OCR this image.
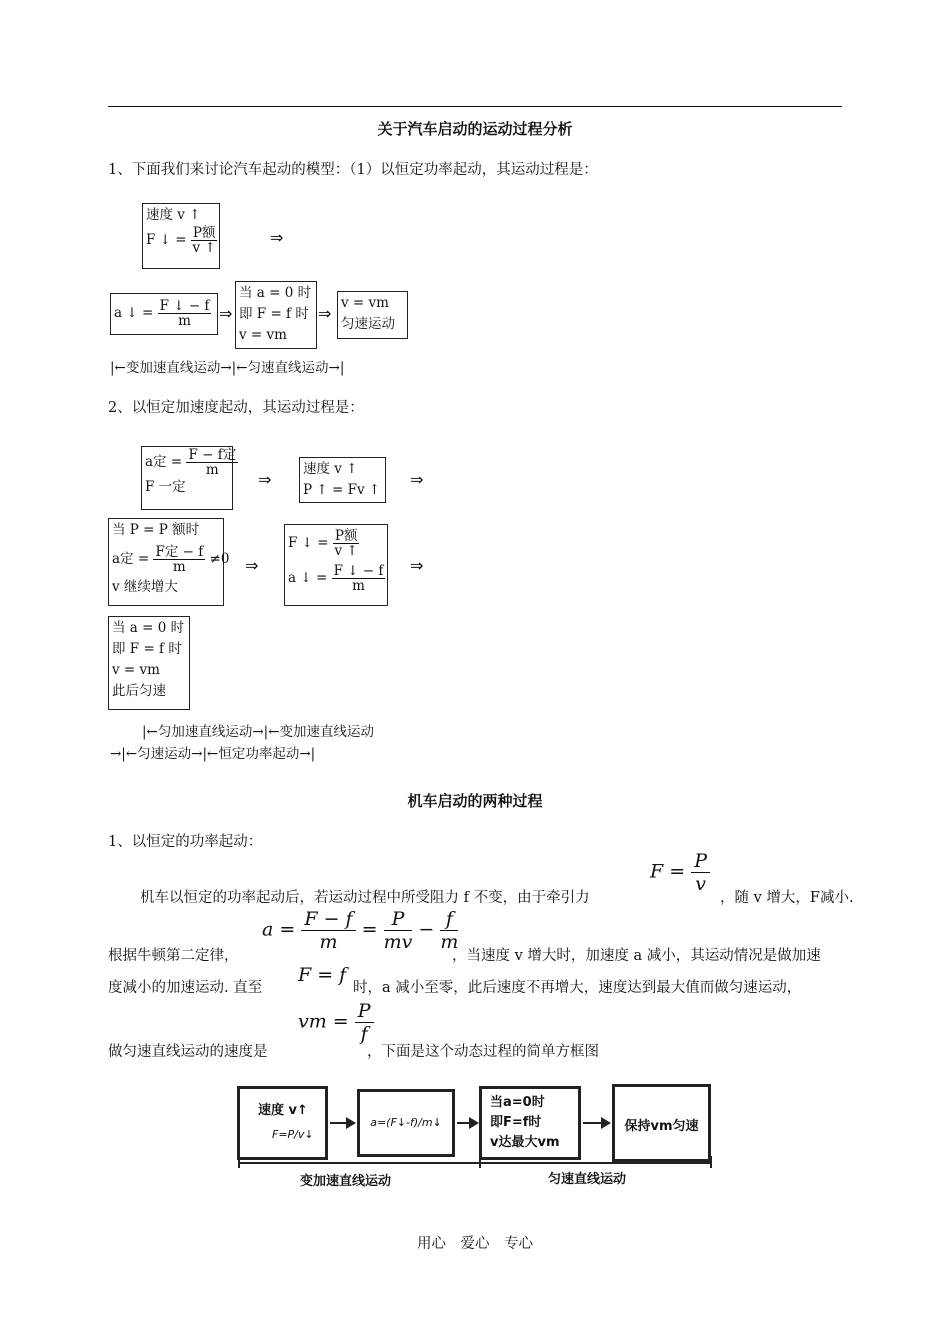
关于汽车启动的运动过程分析
1、下面我们来讨论汽车起动的模型：（1）以恒定功率起动，其运动过程是：
速度 v ↑
F ↓ = $\frac{\text{P额}}{v ↑}$	⇒
a ↓ = $\frac{F ↓ - f}{m}$ ⇒
当 a = 0 时
即 F = f 时
v = vm
⇒
v = vm
匀速运动
|←变加速直线运动→|←匀速直线运动→|
2、以恒定加速度起动，其运动过程是：
a定 = $\frac{\text{F − f定}}{m}$
F 一定	⇒
速度 v ↑
P ↑ = Fv ↑
⇒
当 P = P 额时
a定 = $\frac{\text{F定 − f}}{m} \ne 0$
v 继续增大
⇒
F ↓ = $\frac{\text{P额}}{v ↑}$
a ↓ = $\frac{F ↓ - f}{m}$ ⇒
当 a = 0 时
即 F = f 时
v = vm
此后匀速
|←匀加速直线运动→|←变加速直线运动
→|←匀速运动→|←恒定功率起动→|
机车启动的两种过程
1、以恒定的功率起动：
$F = \frac{P}{v}$
机车以恒定的功率起动后，若运动过程中所受阻力 f 不变，由于牵引力	，随 v 增大，F减小.
$a = \frac{F - f}{m} = \frac{P}{mv} - \frac{f}{m}$
根据牛顿第二定律，	，当速度 v 增大时，加速度 a 减小，其运动情况是做加速
F = f
度减小的加速运动. 直至	时，a 减小至零，此后速度不再增大，速度达到最大值而做匀速运动，
vm = $\frac{P}{f}$
做匀速直线运动的速度是	，下面是这个动态过程的简单方框图
速度 v↑
F=P/v↓
a=(F↓-f)/m↓
当a=0时
即F=f时
v达最大vm
保持vm匀速
变加速直线运动	匀速直线运动
用心　爱心　专心
